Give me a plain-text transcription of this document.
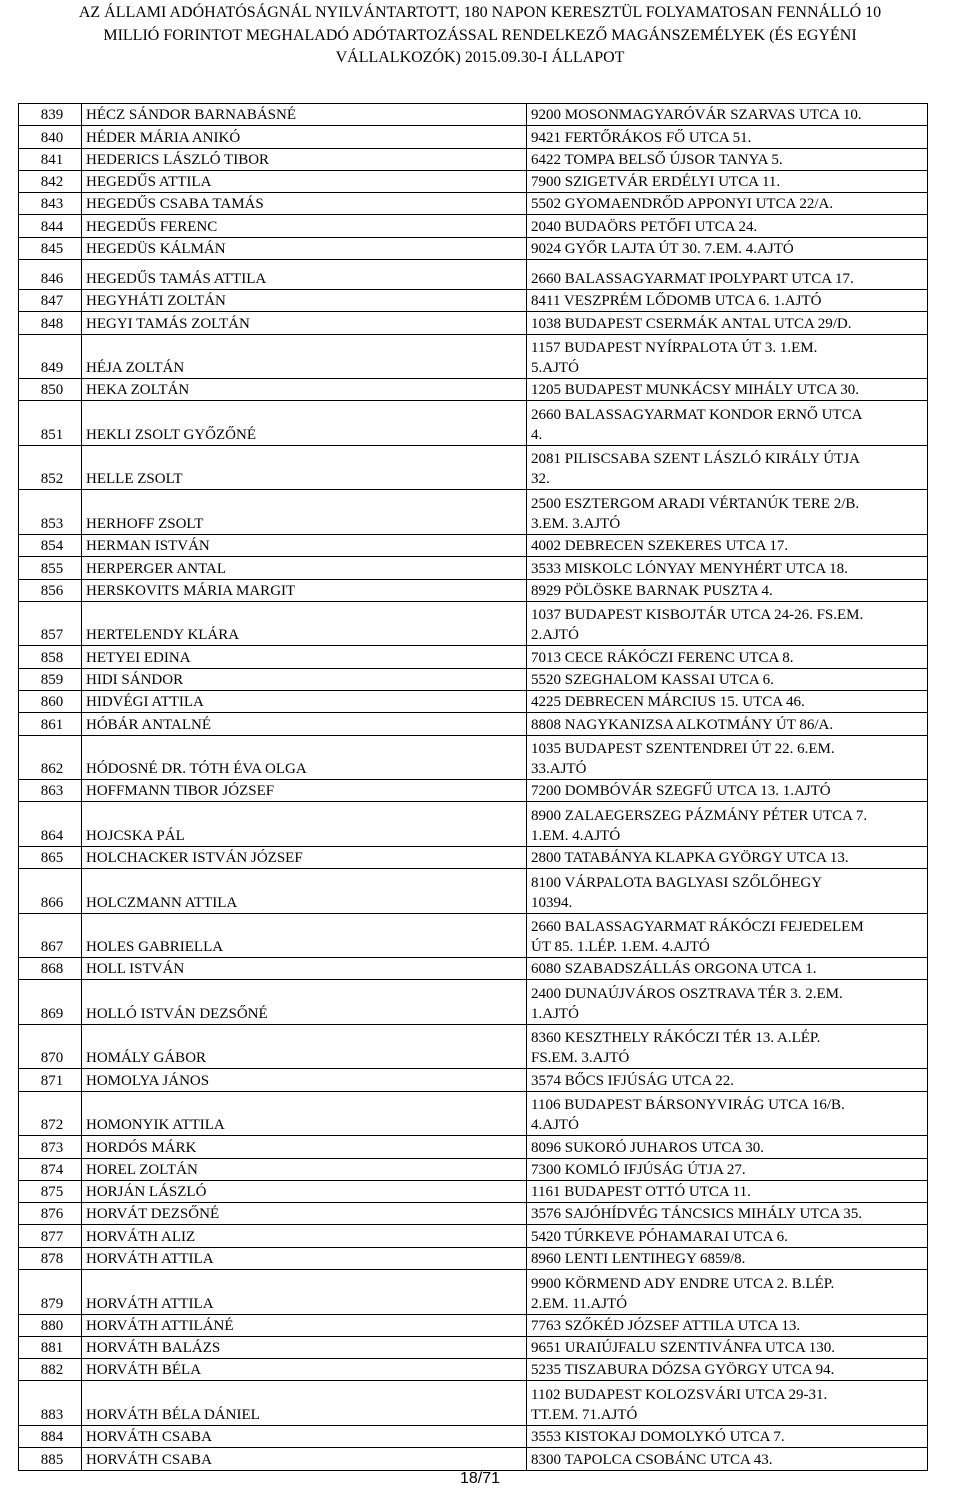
AZ ÁLLAMI ADÓHATÓSÁGNÁL NYILVÁNTARTOTT, 180 NAPON KERESZTÜL FOLYAMATOSAN FENNÁLLÓ 10
MILLIÓ FORINTOT MEGHALADÓ ADÓTARTOZÁSSAL RENDELKEZŐ MAGÁNSZEMÉLYEK (ÉS EGYÉNI
VÁLLALKOZÓK) 2015.09.30-I ÁLLAPOT
839	HÉCZ SÁNDOR BARNABÁSNÉ	9200 MOSONMAGYARÓVÁR SZARVAS UTCA 10.
840	HÉDER MÁRIA ANIKÓ	9421 FERTŐRÁKOS FŐ UTCA 51.
841	HEDERICS LÁSZLÓ TIBOR	6422 TOMPA BELSŐ ÚJSOR TANYA 5.
842	HEGEDŰS ATTILA	7900 SZIGETVÁR ERDÉLYI UTCA 11.
843	HEGEDŰS CSABA TAMÁS	5502 GYOMAENDRŐD APPONYI UTCA 22/A.
844	HEGEDŰS FERENC	2040 BUDAÖRS PETŐFI UTCA 24.
845	HEGEDÜS KÁLMÁN	9024 GYŐR LAJTA ÚT 30. 7.EM. 4.AJTÓ
846	HEGEDŰS TAMÁS ATTILA	2660 BALASSAGYARMAT IPOLYPART UTCA 17.
847	HEGYHÁTI ZOLTÁN	8411 VESZPRÉM LŐDOMB UTCA 6. 1.AJTÓ
848	HEGYI TAMÁS ZOLTÁN	1038 BUDAPEST CSERMÁK ANTAL UTCA 29/D.
849	HÉJA ZOLTÁN	1157 BUDAPEST NYÍRPALOTA ÚT 3. 1.EM.
5.AJTÓ

850	HEKA ZOLTÁN	1205 BUDAPEST MUNKÁCSY MIHÁLY UTCA 30.
851	HEKLI ZSOLT GYŐZŐNÉ	2660 BALASSAGYARMAT KONDOR ERNŐ UTCA
4.

852	HELLE ZSOLT	2081 PILISCSABA SZENT LÁSZLÓ KIRÁLY ÚTJA
32.

853	HERHOFF ZSOLT	2500 ESZTERGOM ARADI VÉRTANÚK TERE 2/B.
3.EM. 3.AJTÓ

854	HERMAN ISTVÁN	4002 DEBRECEN SZEKERES UTCA 17.
855	HERPERGER ANTAL	3533 MISKOLC LÓNYAY MENYHÉRT UTCA 18.
856	HERSKOVITS MÁRIA MARGIT	8929 PÖLÖSKE BARNAK PUSZTA 4.
857	HERTELENDY KLÁRA	1037 BUDAPEST KISBOJTÁR UTCA 24-26. FS.EM.
2.AJTÓ

858	HETYEI EDINA	7013 CECE RÁKÓCZI FERENC UTCA 8.
859	HIDI SÁNDOR	5520 SZEGHALOM KASSAI UTCA 6.
860	HIDVÉGI ATTILA	4225 DEBRECEN MÁRCIUS 15. UTCA 46.
861	HÓBÁR ANTALNÉ	8808 NAGYKANIZSA ALKOTMÁNY ÚT 86/A.
862	HÓDOSNÉ DR. TÓTH ÉVA OLGA	1035 BUDAPEST SZENTENDREI ÚT 22. 6.EM.
33.AJTÓ

863	HOFFMANN TIBOR JÓZSEF	7200 DOMBÓVÁR SZEGFŰ UTCA 13. 1.AJTÓ
864	HOJCSKA PÁL	8900 ZALAEGERSZEG PÁZMÁNY PÉTER UTCA 7.
1.EM. 4.AJTÓ

865	HOLCHACKER ISTVÁN JÓZSEF	2800 TATABÁNYA KLAPKA GYÖRGY UTCA 13.
866	HOLCZMANN ATTILA	8100 VÁRPALOTA BAGLYASI SZŐLŐHEGY
10394.

867	HOLES GABRIELLA	2660 BALASSAGYARMAT RÁKÓCZI FEJEDELEM
ÚT 85. 1.LÉP. 1.EM. 4.AJTÓ

868	HOLL ISTVÁN	6080 SZABADSZÁLLÁS ORGONA UTCA 1.
869	HOLLÓ ISTVÁN DEZSŐNÉ	2400 DUNAÚJVÁROS OSZTRAVA TÉR 3. 2.EM.
1.AJTÓ

870	HOMÁLY GÁBOR	8360 KESZTHELY RÁKÓCZI TÉR 13. A.LÉP.
FS.EM. 3.AJTÓ

871	HOMOLYA JÁNOS	3574 BŐCS IFJÚSÁG UTCA 22.
872	HOMONYIK ATTILA	1106 BUDAPEST BÁRSONYVIRÁG UTCA 16/B.
4.AJTÓ

873	HORDÓS MÁRK	8096 SUKORÓ JUHAROS UTCA 30.
874	HOREL ZOLTÁN	7300 KOMLÓ IFJÚSÁG ÚTJA 27.
875	HORJÁN LÁSZLÓ	1161 BUDAPEST OTTÓ UTCA 11.
876	HORVÁT DEZSŐNÉ	3576 SAJÓHÍDVÉG TÁNCSICS MIHÁLY UTCA 35.
877	HORVÁTH ALIZ	5420 TÚRKEVE PÓHAMARAI UTCA 6.
878	HORVÁTH ATTILA	8960 LENTI LENTIHEGY 6859/8.
879	HORVÁTH ATTILA	9900 KÖRMEND ADY ENDRE UTCA 2. B.LÉP.
2.EM. 11.AJTÓ

880	HORVÁTH ATTILÁNÉ	7763 SZŐKÉD JÓZSEF ATTILA UTCA 13.
881	HORVÁTH BALÁZS	9651 URAIÚJFALU SZENTIVÁNFA UTCA 130.
882	HORVÁTH BÉLA	5235 TISZABURA DÓZSA GYÖRGY UTCA 94.
883	HORVÁTH BÉLA DÁNIEL	1102 BUDAPEST KOLOZSVÁRI UTCA 29-31.
TT.EM. 71.AJTÓ

884	HORVÁTH CSABA	3553 KISTOKAJ DOMOLYKÓ UTCA 7.
885	HORVÁTH CSABA	8300 TAPOLCA CSOBÁNC UTCA 43.
18/71
